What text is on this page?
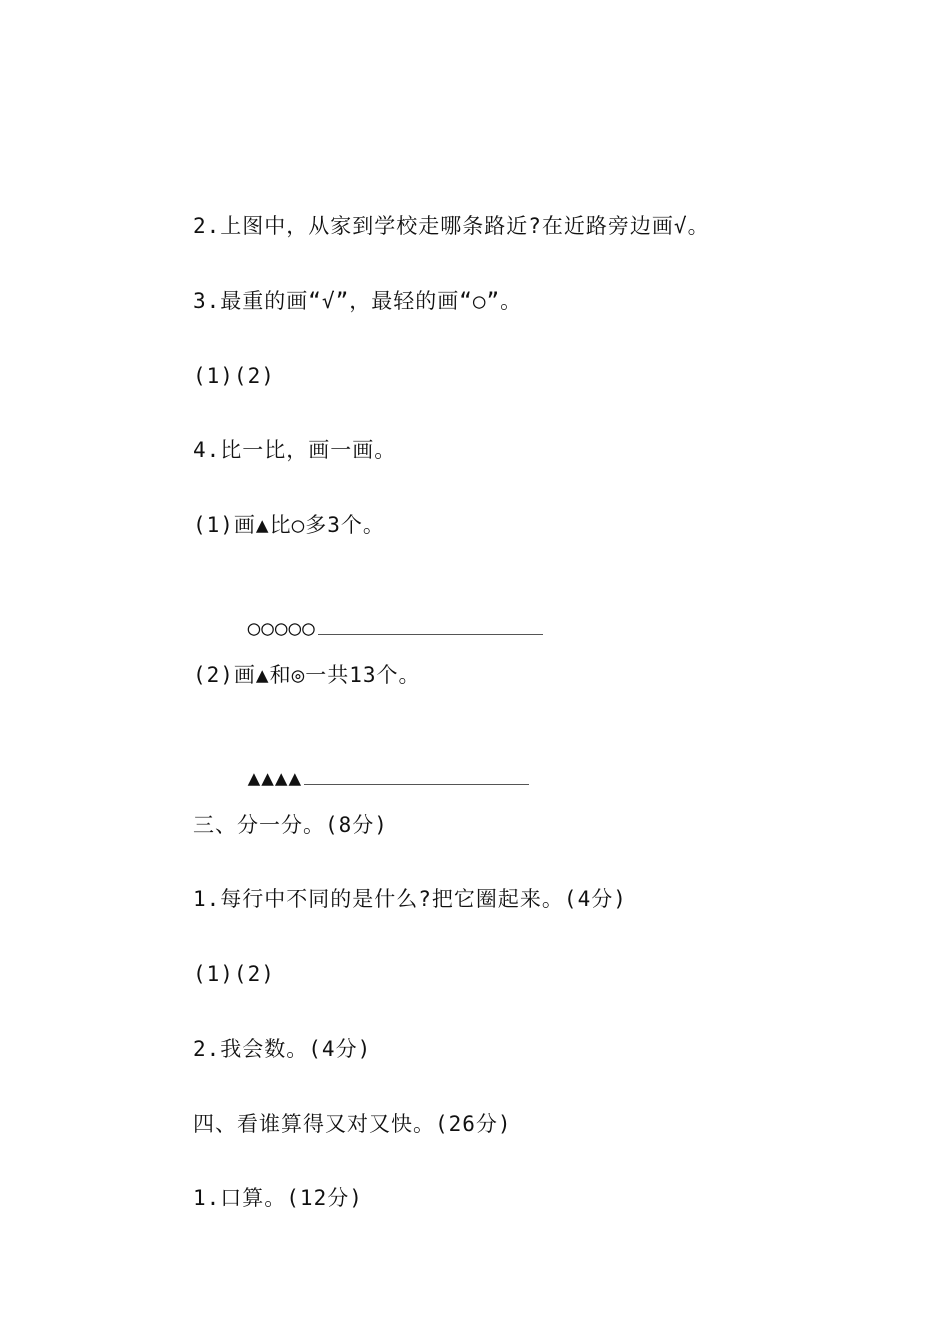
2.上图中，从家到学校走哪条路近?在近路旁边画√。
3.最重的画“√”，最轻的画“○”。
(1)(2)
4.比一比，画一画。
(1)画▲比○多3个。

○○○○○

(2)画▲和◎一共13个。

▲▲▲▲

三、分一分。(8分)
1.每行中不同的是什么?把它圈起来。(4分)
(1)(2)
2.我会数。(4分)
四、看谁算得又对又快。(26分)
1.口算。(12分)
